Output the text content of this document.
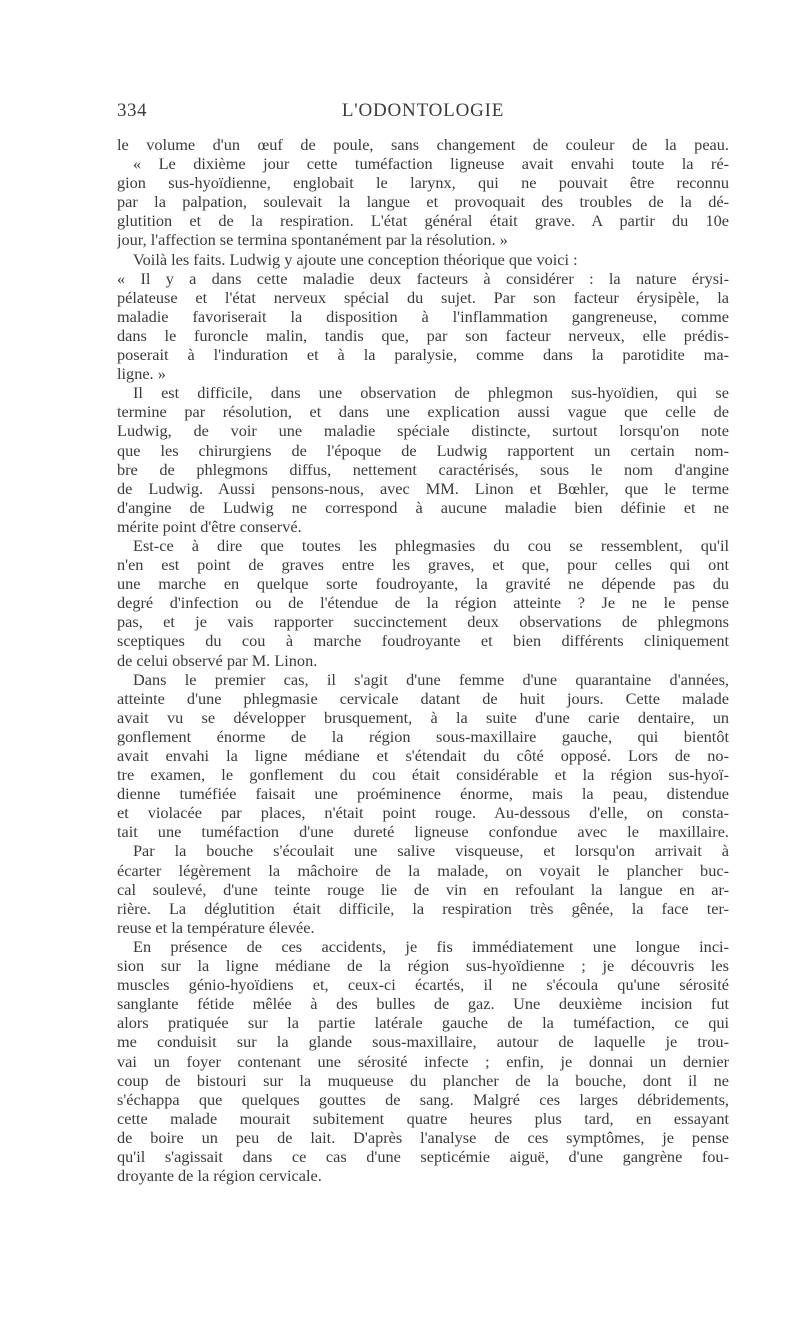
334	L'ODONTOLOGIE
le volume d'un œuf de poule, sans changement de couleur de la peau.
« Le dixième jour cette tuméfaction ligneuse avait envahi toute la ré-
gion sus-hyoïdienne, englobait le larynx, qui ne pouvait être reconnu
par la palpation, soulevait la langue et provoquait des troubles de la dé-
glutition et de la respiration. L'état général était grave. A partir du 10e
jour, l'affection se termina spontanément par la résolution. »
Voilà les faits. Ludwig y ajoute une conception théorique que voici :
« Il y a dans cette maladie deux facteurs à considérer : la nature érysi-
pélateuse et l'état nerveux spécial du sujet. Par son facteur érysipèle, la
maladie favoriserait la disposition à l'inflammation gangreneuse, comme
dans le furoncle malin, tandis que, par son facteur nerveux, elle prédis-
poserait à l'induration et à la paralysie, comme dans la parotidite ma-
ligne. »
Il est difficile, dans une observation de phlegmon sus-hyoïdien, qui se
termine par résolution, et dans une explication aussi vague que celle de
Ludwig, de voir une maladie spéciale distincte, surtout lorsqu'on note
que les chirurgiens de l'époque de Ludwig rapportent un certain nom-
bre de phlegmons diffus, nettement caractérisés, sous le nom d'angine
de Ludwig. Aussi pensons-nous, avec MM. Linon et Bœhler, que le terme
d'angine de Ludwig ne correspond à aucune maladie bien définie et ne
mérite point d'être conservé.
Est-ce à dire que toutes les phlegmasies du cou se ressemblent, qu'il
n'en est point de graves entre les graves, et que, pour celles qui ont
une marche en quelque sorte foudroyante, la gravité ne dépende pas du
degré d'infection ou de l'étendue de la région atteinte ? Je ne le pense
pas, et je vais rapporter succinctement deux observations de phlegmons
sceptiques du cou à marche foudroyante et bien différents cliniquement
de celui observé par M. Linon.
Dans le premier cas, il s'agit d'une femme d'une quarantaine d'années,
atteinte d'une phlegmasie cervicale datant de huit jours. Cette malade
avait vu se développer brusquement, à la suite d'une carie dentaire, un
gonflement énorme de la région sous-maxillaire gauche, qui bientôt
avait envahi la ligne médiane et s'étendait du côté opposé. Lors de no-
tre examen, le gonflement du cou était considérable et la région sus-hyoï-
dienne tuméfiée faisait une proéminence énorme, mais la peau, distendue
et violacée par places, n'était point rouge. Au-dessous d'elle, on consta-
tait une tuméfaction d'une dureté ligneuse confondue avec le maxillaire.
Par la bouche s'écoulait une salive visqueuse, et lorsqu'on arrivait à
écarter légèrement la mâchoire de la malade, on voyait le plancher buc-
cal soulevé, d'une teinte rouge lie de vin en refoulant la langue en ar-
rière. La déglutition était difficile, la respiration très gênée, la face ter-
reuse et la température élevée.
En présence de ces accidents, je fis immédiatement une longue inci-
sion sur la ligne médiane de la région sus-hyoïdienne ; je découvris les
muscles génio-hyoïdiens et, ceux-ci écartés, il ne s'écoula qu'une sérosité
sanglante fétide mêlée à des bulles de gaz. Une deuxième incision fut
alors pratiquée sur la partie latérale gauche de la tuméfaction, ce qui
me conduisit sur la glande sous-maxillaire, autour de laquelle je trou-
vai un foyer contenant une sérosité infecte ; enfin, je donnai un dernier
coup de bistouri sur la muqueuse du plancher de la bouche, dont il ne
s'échappa que quelques gouttes de sang. Malgré ces larges débridements,
cette malade mourait subitement quatre heures plus tard, en essayant
de boire un peu de lait. D'après l'analyse de ces symptômes, je pense
qu'il s'agissait dans ce cas d'une septicémie aiguë, d'une gangrène fou-
droyante de la région cervicale.
